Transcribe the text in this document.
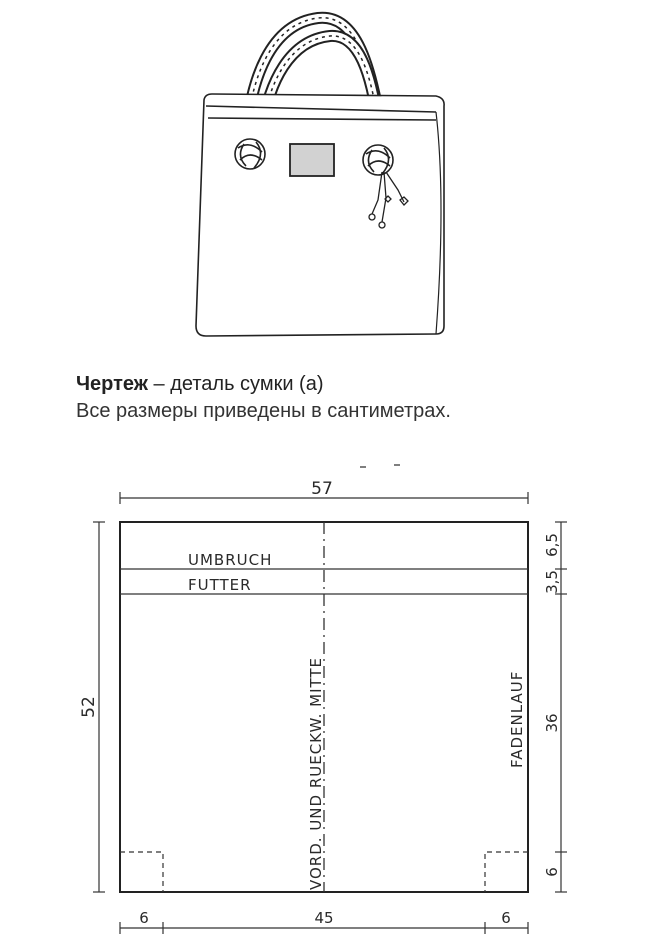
Чертеж – деталь сумки (а)
Все размеры приведены в сантиметрах.
57
UMBRUCH
FUTTER
VORD. UND RUECKW. MITTE	FADENLAUF
52
6,5
3,5
36
6
6	45	6
